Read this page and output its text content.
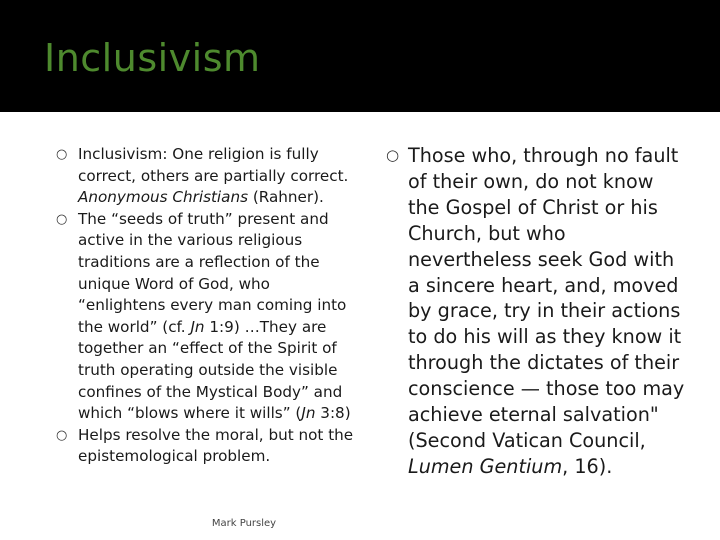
Inclusivism
○ Inclusivism: One religion is fully correct, others are partially correct. Anonymous Christians (Rahner).
○ The “seeds of truth” present and active in the various religious traditions are a reflection of the unique Word of God, who “enlightens every man coming into the world” (cf. Jn 1:9) …They are together an “effect of the Spirit of truth operating outside the visible confines of the Mystical Body” and which “blows where it wills” (Jn 3:8)
○ Helps resolve the moral, but not the epistemological problem.
○ Those who, through no fault of their own, do not know the Gospel of Christ or his Church, but who nevertheless seek God with a sincere heart, and, moved by grace, try in their actions to do his will as they know it through the dictates of their conscience — those too may achieve eternal salvation" (Second Vatican Council, Lumen Gentium, 16).
Mark Pursley
